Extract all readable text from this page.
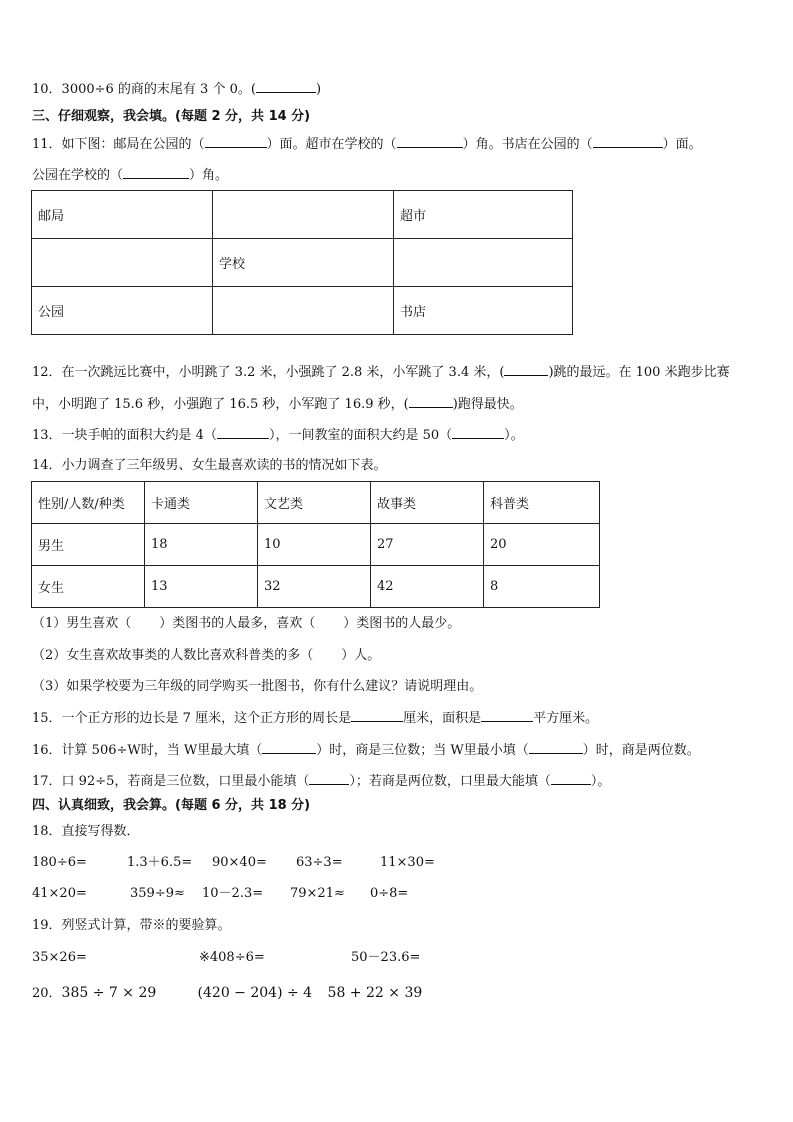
10．3000÷6 的商的末尾有 3 个 0。(	)
三、仔细观察，我会填。(每题 2 分，共 14 分)
11．如下图：邮局在公园的（	）面。超市在学校的（	）角。书店在公园的（	）面。
公园在学校的（	）角。
邮局		超市
	学校	
公园		书店
12．在一次跳远比赛中，小明跳了 3.2 米，小强跳了 2.8 米，小军跳了 3.4 米，(	)跳的最远。在 100 米跑步比赛
中，小明跑了 15.6 秒，小强跑了 16.5 秒，小军跑了 16.9 秒，(	)跑得最快。
13．一块手帕的面积大约是 4（	），一间教室的面积大约是 50（	）。
14．小力调查了三年级男、女生最喜欢读的书的情况如下表。
性别/人数/种类	卡通类	文艺类	故事类	科普类
男生	18	10	27	20
女生	13	32	42	8
（1）男生喜欢（ ）类图书的人最多，喜欢（ ）类图书的人最少。
（2）女生喜欢故事类的人数比喜欢科普类的多（ ）人。
（3）如果学校要为三年级的同学购买一批图书，你有什么建议？请说明理由。
15．一个正方形的边长是 7 厘米，这个正方形的周长是	厘米，面积是	平方厘米。
16．计算 506÷W时，当 W里最大填（	）时，商是三位数；当 W里最小填（	）时，商是两位数。
17．口 92÷5，若商是三位数，口里最小能填（	）；若商是两位数，口里最大能填（	）。
四、认真细致，我会算。(每题 6 分，共 18 分)
18．直接写得数．
180÷6=	1.3＋6.5= 90×40= 63÷3=	11×30=
41×20=	359÷9≈ 10－2.3= 79×21≈ 0÷8=
19．列竖式计算，带※的要验算。
35×26=	※408÷6=	50－23.6=
20．385 ÷ 7 × 29	(420 − 204) ÷ 4 58 + 22 × 39
